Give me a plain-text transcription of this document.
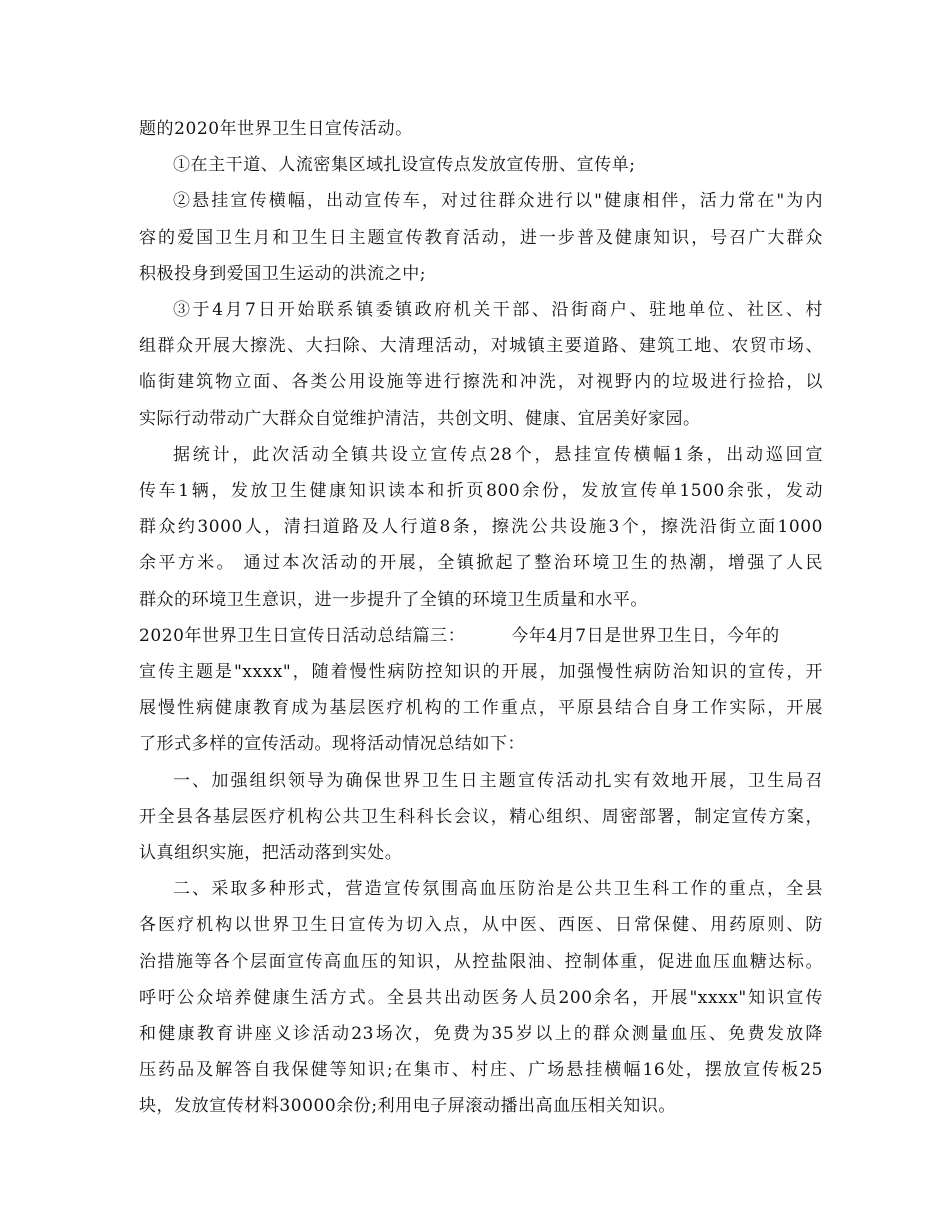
题的2020年世界卫生日宣传活动。
①在主干道、人流密集区域扎设宣传点发放宣传册、宣传单;
②悬挂宣传横幅，出动宣传车，对过往群众进行以"健康相伴，活力常在"为内
容的爱国卫生月和卫生日主题宣传教育活动，进一步普及健康知识，号召广大群众
积极投身到爱国卫生运动的洪流之中;
③于4月7日开始联系镇委镇政府机关干部、沿街商户、驻地单位、社区、村
组群众开展大擦洗、大扫除、大清理活动，对城镇主要道路、建筑工地、农贸市场、
临街建筑物立面、各类公用设施等进行擦洗和冲洗，对视野内的垃圾进行捡拾，以
实际行动带动广大群众自觉维护清洁，共创文明、健康、宜居美好家园。
据统计，此次活动全镇共设立宣传点28个，悬挂宣传横幅1条，出动巡回宣
传车1辆，发放卫生健康知识读本和折页800余份，发放宣传单1500余张，发动
群众约3000人，清扫道路及人行道8条，擦洗公共设施3个，擦洗沿街立面1000
余平方米。 通过本次活动的开展，全镇掀起了整治环境卫生的热潮，增强了人民
群众的环境卫生意识，进一步提升了全镇的环境卫生质量和水平。
2020年世界卫生日宣传日活动总结篇三：	今年4月7日是世界卫生日，今年的
宣传主题是"xxxx"，随着慢性病防控知识的开展，加强慢性病防治知识的宣传，开
展慢性病健康教育成为基层医疗机构的工作重点，平原县结合自身工作实际，开展
了形式多样的宣传活动。现将活动情况总结如下：
一、加强组织领导为确保世界卫生日主题宣传活动扎实有效地开展，卫生局召
开全县各基层医疗机构公共卫生科科长会议，精心组织、周密部署，制定宣传方案，
认真组织实施，把活动落到实处。
二、采取多种形式，营造宣传氛围高血压防治是公共卫生科工作的重点，全县
各医疗机构以世界卫生日宣传为切入点，从中医、西医、日常保健、用药原则、防
治措施等各个层面宣传高血压的知识，从控盐限油、控制体重，促进血压血糖达标。
呼吁公众培养健康生活方式。全县共出动医务人员200余名，开展"xxxx"知识宣传
和健康教育讲座义诊活动23场次，免费为35岁以上的群众测量血压、免费发放降
压药品及解答自我保健等知识;在集市、村庄、广场悬挂横幅16处，摆放宣传板25
块，发放宣传材料30000余份;利用电子屏滚动播出高血压相关知识。
